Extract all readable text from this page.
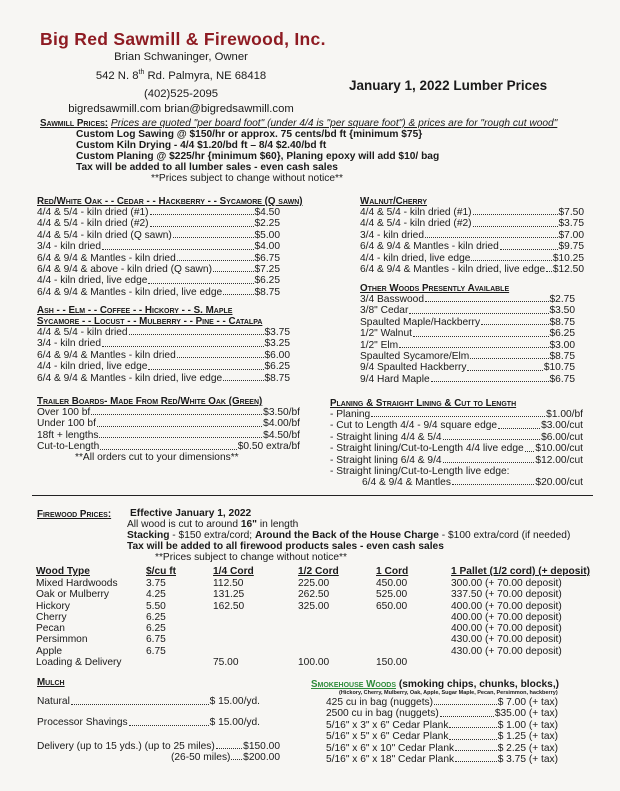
Big Red Sawmill & Firewood, Inc.
Brian Schwaninger, Owner
542 N. 8th Rd. Palmyra, NE 68418
(402)525-2095
bigredsawmill.com brian@bigredsawmill.com
January 1, 2022 Lumber Prices
Sawmill Prices: Prices are quoted "per board foot" (under 4/4 is "per square foot") & prices are for "rough cut wood"
Custom Log Sawing @ $150/hr or approx. 75 cents/bd ft {minimum $75}
Custom Kiln Drying - 4/4 $1.20/bd ft – 8/4 $2.40/bd ft
Custom Planing @ $225/hr {minimum $60}, Planing epoxy will add $10/ bag
Tax will be added to all lumber sales - even cash sales
**Prices subject to change without notice**
Red/White Oak - - Cedar - - Hackberry - - Sycamore (Q sawn)
4/4 & 5/4 - kiln dried (#1)	$4.50
4/4 & 5/4 - kiln dried (#2)	$2.25
4/4 & 5/4 - kiln dried (Q sawn)	$5.00
3/4 - kiln dried	$4.00
6/4 & 9/4 & Mantles - kiln dried	$6.75
6/4 & 9/4 & above - kiln dried (Q sawn)	$7.25
4/4 - kiln dried, live edge	$6.25
6/4 & 9/4 & Mantles - kiln dried, live edge	$8.75
Walnut/Cherry
4/4 & 5/4 - kiln dried (#1)	$7.50
4/4 & 5/4 - kiln dried (#2)	$3.75
3/4 - kiln dried	$7.00
6/4 & 9/4 & Mantles - kiln dried	$9.75
4/4 - kiln dried, live edge	$10.25
6/4 & 9/4 & Mantles - kiln dried, live edge $12.50
Other Woods Presently Available
3/4 Basswood	$2.75
3/8" Cedar	$3.50
Spaulted Maple/Hackberry	$8.75
1/2" Walnut	$6.25
1/2" Elm	$3.00
Spaulted Sycamore/Elm	$8.75
9/4 Spaulted Hackberry	$10.75
9/4 Hard Maple	$6.75
Ash - - Elm - - Coffee - - Hickory - - S. Maple
Sycamore - - Locust - - Mulberry - - Pine - - Catalpa
4/4 & 5/4 - kiln dried	$3.75
3/4 - kiln dried	$3.25
6/4 & 9/4 & Mantles - kiln dried	$6.00
4/4 - kiln dried, live edge	$6.25
6/4 & 9/4 & Mantles - kiln dried, live edge	$8.75
Trailer Boards- Made From Red/White Oak (Green)
Over 100 bf	$3.50/bf
Under 100 bf	$4.00/bf
18ft + lengths	$4.50/bf
Cut-to-Length	$0.50 extra/bf
**All orders cut to your dimensions**
Planing & Straight Lining & Cut to Length
- Planing	$1.00/bf
- Cut to Length 4/4 - 9/4 square edge	$3.00/cut
- Straight lining 4/4 & 5/4	$6.00/cut
- Straight lining/Cut-to-Length 4/4 live edge $10.00/cut
- Straight lining 6/4 & 9/4	$12.00/cut
- Straight lining/Cut-to-Length live edge:
6/4 & 9/4 & Mantles	$20.00/cut
Firewood Prices: Effective January 1, 2022
All wood is cut to around 16" in length
Stacking - $150 extra/cord; Around the Back of the House Charge - $100 extra/cord (if needed)
Tax will be added to all firewood products sales - even cash sales
**Prices subject to change without notice**
Wood Type	$/cu ft	1/4 Cord	1/2 Cord	1 Cord	1 Pallet (1/2 cord) (+ deposit)
Mixed Hardwoods	3.75	112.50	225.00	450.00	300.00 (+ 70.00 deposit)
Oak or Mulberry	4.25	131.25	262.50	525.00	337.50 (+ 70.00 deposit)
Hickory	5.50	162.50	325.00	650.00	400.00 (+ 70.00 deposit)
Cherry	6.25				400.00 (+ 70.00 deposit)
Pecan	6.25				400.00 (+ 70.00 deposit)
Persimmon	6.75				430.00 (+ 70.00 deposit)
Apple	6.75				430.00 (+ 70.00 deposit)
Loading & Delivery		75.00	100.00	150.00	
Mulch
Natural	$ 15.00/yd.
Processor Shavings	$ 15.00/yd.
Delivery (up to 15 yds.) (up to 25 miles)	$150.00
(26-50 miles) $200.00
Smokehouse Woods (smoking chips, chunks, blocks,)
(Hickory, Cherry, Mulberry, Oak, Apple, Sugar Maple, Pecan, Persimmon, hackberry)
425 cu in bag (nuggets)	$ 7.00 (+ tax)
2500 cu in bag (nuggets)	$35.00 (+ tax)
5/16" x 3" x 6" Cedar Plank	$ 1.00 (+ tax)
5/16" x 5" x 6" Cedar Plank	$ 1.25 (+ tax)
5/16" x 6" x 10" Cedar Plank	$ 2.25 (+ tax)
5/16" x 6" x 18" Cedar Plank	$ 3.75 (+ tax)
